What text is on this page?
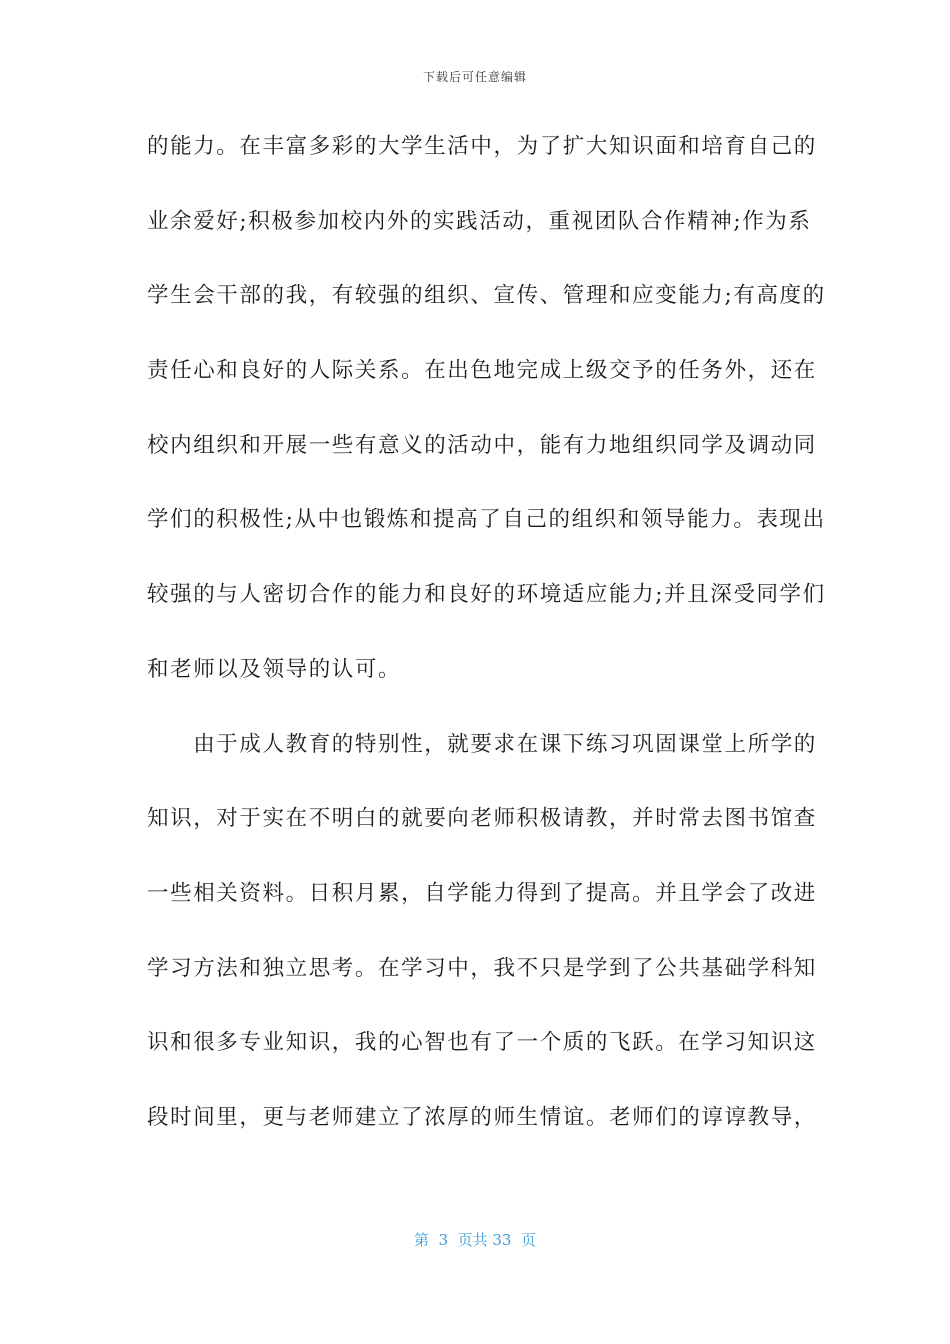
下载后可任意编辑
的能力。在丰富多彩的大学生活中，为了扩大知识面和培育自己的
业余爱好;积极参加校内外的实践活动，重视团队合作精神;作为系
学生会干部的我，有较强的组织、宣传、管理和应变能力;有高度的
责任心和良好的人际关系。在出色地完成上级交予的任务外，还在
校内组织和开展一些有意义的活动中，能有力地组织同学及调动同
学们的积极性;从中也锻炼和提高了自己的组织和领导能力。表现出
较强的与人密切合作的能力和良好的环境适应能力;并且深受同学们
和老师以及领导的认可。
　　由于成人教育的特别性，就要求在课下练习巩固课堂上所学的
知识，对于实在不明白的就要向老师积极请教，并时常去图书馆查
一些相关资料。日积月累，自学能力得到了提高。并且学会了改进
学习方法和独立思考。在学习中，我不只是学到了公共基础学科知
识和很多专业知识，我的心智也有了一个质的飞跃。在学习知识这
段时间里，更与老师建立了浓厚的师生情谊。老师们的谆谆教导，
第  3  页共 33  页
